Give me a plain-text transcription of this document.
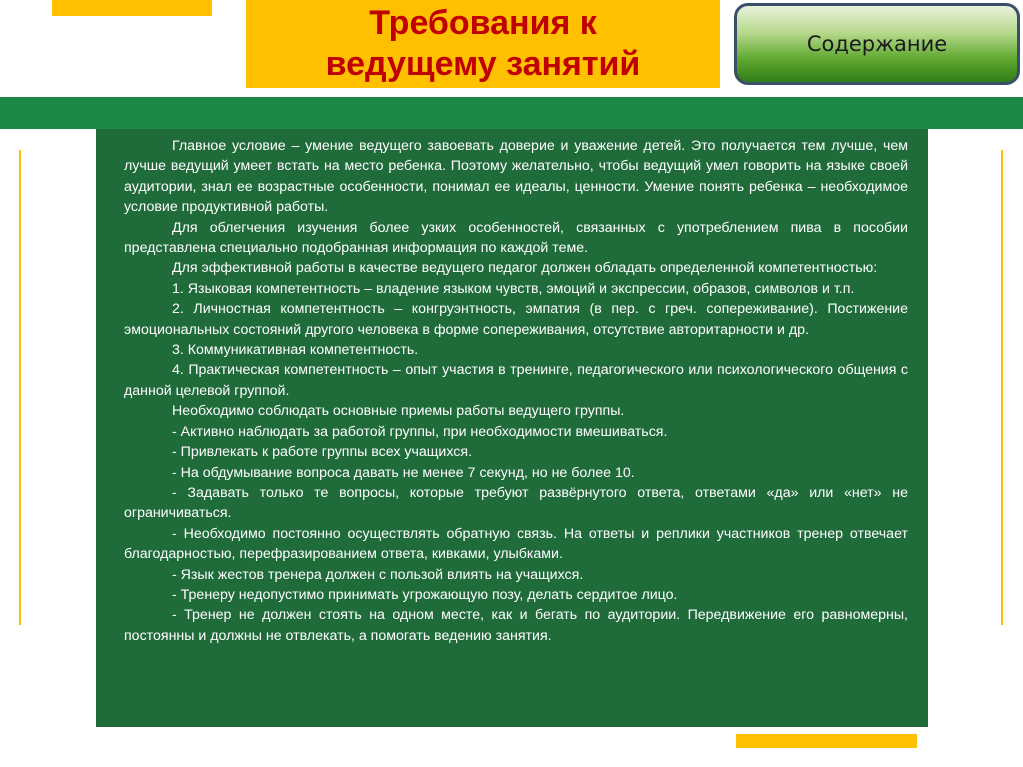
Требования к
ведущему занятий
Содержание

Главное условие – умение ведущего завоевать доверие и уважение детей. Это получается тем лучше, чем лучше ведущий умеет встать на место ребенка. Поэтому желательно, чтобы ведущий умел говорить на языке своей аудитории, знал ее возрастные особенности, понимал ее идеалы, ценности. Умение понять ребенка – необходимое условие продуктивной работы.

Для облегчения изучения более узких особенностей, связанных с употреблением пива в пособии представлена специально подобранная информация по каждой теме.

Для эффективной работы в качестве ведущего педагог должен обладать определенной компетентностью:

1. Языковая компетентность – владение языком чувств, эмоций и экспрессии, образов, символов и т.п.

2. Личностная компетентность – конгруэнтность, эмпатия (в пер. с греч. сопереживание). Постижение эмоциональных состояний другого человека в форме сопереживания, отсутствие авторитарности и др.

3. Коммуникативная компетентность.

4. Практическая компетентность – опыт участия в тренинге, педагогического или психологического общения с данной целевой группой.

Необходимо соблюдать основные приемы работы ведущего группы.

- Активно наблюдать за работой группы, при необходимости вмешиваться.

- Привлекать к работе группы всех учащихся.

- На обдумывание вопроса давать не менее 7 секунд, но не более 10.

- Задавать только те вопросы, которые требуют развёрнутого ответа, ответами «да» или «нет» не ограничиваться.

- Необходимо постоянно осуществлять обратную связь. На ответы и реплики участников тренер отвечает благодарностью, перефразированием ответа, кивками, улыбками.

- Язык жестов тренера должен с пользой влиять на учащихся.

- Тренеру недопустимо принимать угрожающую позу, делать сердитое лицо.

- Тренер не должен стоять на одном месте, как и бегать по аудитории. Передвижение его равномерны, постоянны и должны не отвлекать, а помогать ведению занятия.
